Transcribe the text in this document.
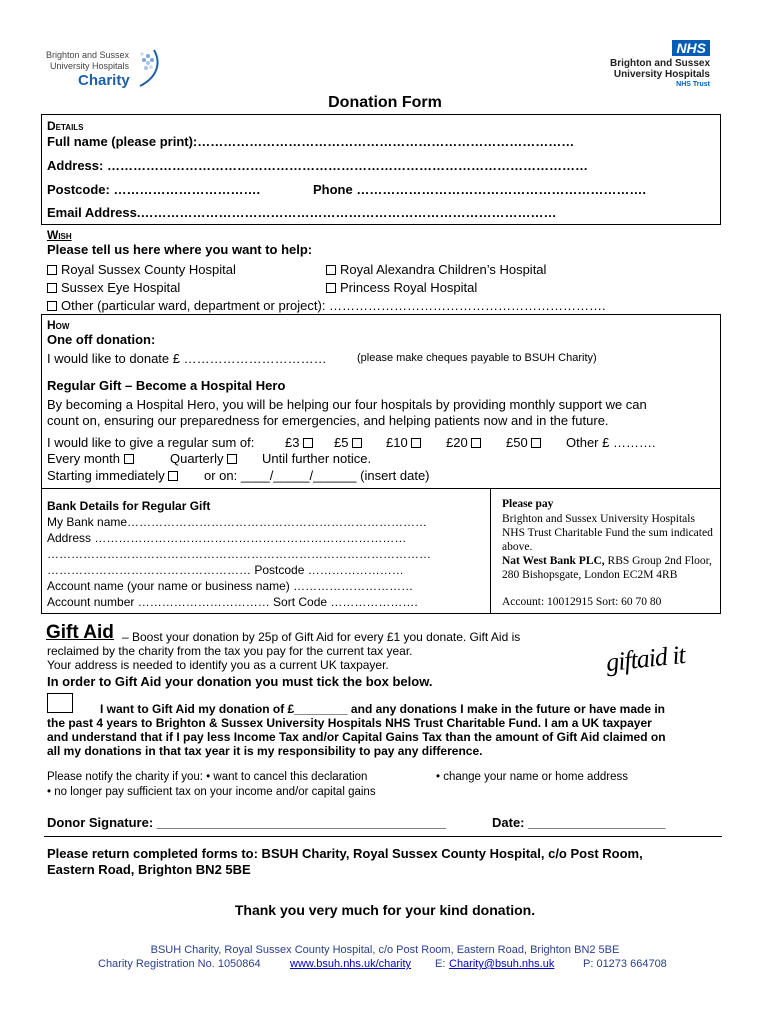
Brighton and Sussex
University Hospitals
Charity
NHS
Brighton and Sussex
University Hospitals
NHS Trust
Donation Form
Details
Full name (please print):……………………………………………………………………………
Address: …………………………………………………………………………………………………
Postcode: …………………………….	Phone ………………………………………………………….
Email Address.……………………………………………………………………………………
Wish
Please tell us here where you want to help:
Royal Sussex County Hospital	Royal Alexandra Children’s Hospital
Sussex Eye Hospital	Princess Royal Hospital
Other (particular ward, department or project): ……………………………………………………….
How
One off donation:
I would like to donate £ ……………………………	(please make cheques payable to BSUH Charity)
Regular Gift – Become a Hospital Hero
By becoming a Hospital Hero, you will be helping our four hospitals by providing monthly support we can
count on, ensuring our preparedness for emergencies, and helping patients now and in the future.
I would like to give a regular sum of: £3	£5	£10	£20	£50	Other £ ……….
Every month	Quarterly	Until further notice.
Starting immediately	or on: ____/_____/______ (insert date)
Bank Details for Regular Gift
My Bank name…………………………………………………………………
Address ……………………………………………………………………
……………………………………………………………………………………
…………………………………………… Postcode ……………………
Account name (your name or business name) …………………………
Account number …………………………… Sort Code ………………….
Please pay
Brighton and Sussex University Hospitals NHS Trust Charitable Fund the sum indicated above.
Nat West Bank PLC, RBS Group 2nd Floor, 280 Bishopsgate, London EC2M 4RB
Account: 10012915 Sort: 60 70 80
Gift Aid – Boost your donation by 25p of Gift Aid for every £1 you donate. Gift Aid is
reclaimed by the charity from the tax you pay for the current tax year.
Your address is needed to identify you as a current UK taxpayer.
In order to Gift Aid your donation you must tick the box below.
giftaid it
I want to Gift Aid my donation of £________ and any donations I make in the future or have made in
the past 4 years to Brighton & Sussex University Hospitals NHS Trust Charitable Fund. I am a UK taxpayer
and understand that if I pay less Income Tax and/or Capital Gains Tax than the amount of Gift Aid claimed on
all my donations in that tax year it is my responsibility to pay any difference.
Please notify the charity if you: • want to cancel this declaration	• change your name or home address
• no longer pay sufficient tax on your income and/or capital gains
Donor Signature: ________________________________________	Date: ___________________
Please return completed forms to: BSUH Charity, Royal Sussex County Hospital, c/o Post Room,
Eastern Road, Brighton BN2 5BE
Thank you very much for your kind donation.
BSUH Charity, Royal Sussex County Hospital, c/o Post Room, Eastern Road, Brighton BN2 5BE
Charity Registration No. 1050864	www.bsuh.nhs.uk/charity E: Charity@bsuh.nhs.uk	P: 01273 664708
